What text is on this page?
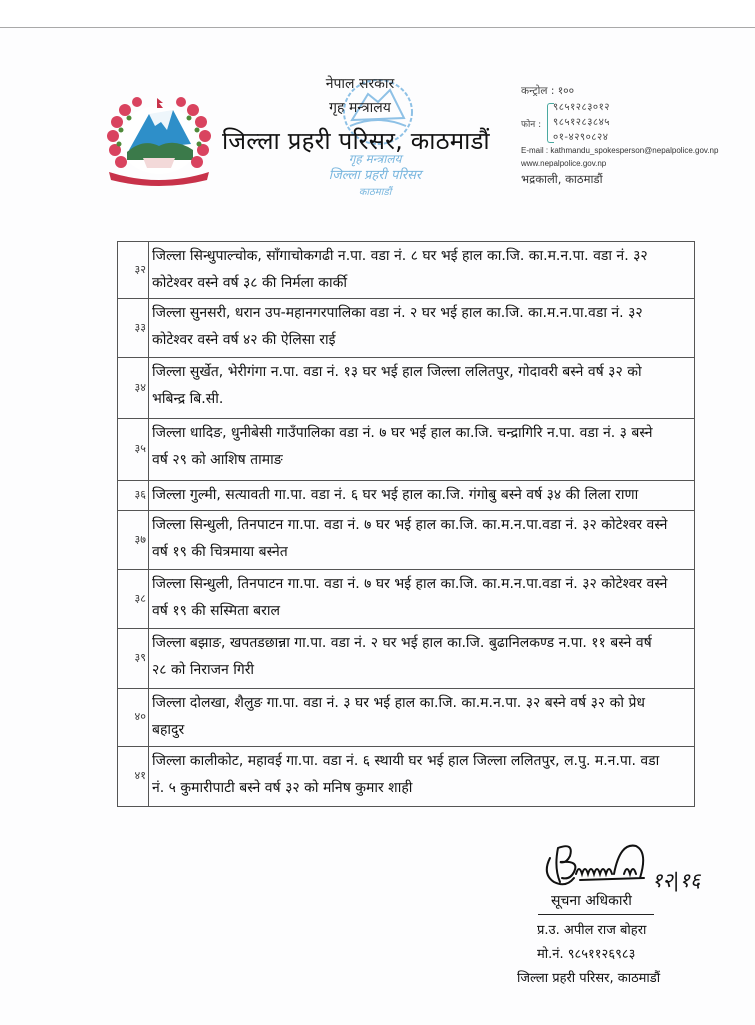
गृह मन्त्रालय
जिल्ला प्रहरी परिसर
काठमाडौं
नेपाल सरकार
गृह मन्त्रालय
जिल्ला प्रहरी परिसर, काठमाडौं
कन्ट्रोल : १००
फोन :
९८५१२८३०१२
९८५१२८३८४५
०१-४२९०८२४
E-mail : kathmandu_spokesperson@nepalpolice.gov.np
www.nepalpolice.gov.np
भद्रकाली, काठमाडौं
३२
जिल्ला सिन्धुपाल्चोक, साँगाचोकगढी न.पा. वडा नं. ८ घर भई हाल का.जि. का.म.न.पा. वडा नं. ३२
कोटेश्वर वस्ने वर्ष ३८ की निर्मला कार्की
३३
जिल्ला सुनसरी, धरान उप-महानगरपालिका वडा नं. २ घर भई हाल का.जि. का.म.न.पा.वडा नं. ३२
कोटेश्वर वस्ने वर्ष ४२ की ऐलिसा राई
३४
जिल्ला सुर्खेत, भेरीगंगा न.पा. वडा नं. १३ घर भई हाल जिल्ला ललितपुर, गोदावरी बस्ने वर्ष ३२ को
भबिन्द्र बि.सी.
३५
जिल्ला धादिङ, धुनीबेसी गाउँपालिका वडा नं. ७ घर भई हाल का.जि. चन्द्रागिरि न.पा. वडा नं. ३ बस्ने
वर्ष २९ को आशिष तामाङ
३६ जिल्ला गुल्मी, सत्यावती गा.पा. वडा नं. ६ घर भई हाल का.जि. गंगोबु बस्ने वर्ष ३४ की लिला राणा
३७
जिल्ला सिन्धुली, तिनपाटन गा.पा. वडा नं. ७ घर भई हाल का.जि. का.म.न.पा.वडा नं. ३२ कोटेश्वर वस्ने
वर्ष १९ की चित्रमाया बस्नेत
३८
जिल्ला सिन्धुली, तिनपाटन गा.पा. वडा नं. ७ घर भई हाल का.जि. का.म.न.पा.वडा नं. ३२ कोटेश्वर वस्ने
वर्ष १९ की सस्मिता बराल
३९
जिल्ला बझाङ, खपतडछान्ना गा.पा. वडा नं. २ घर भई हाल का.जि. बुढानिलकण्ड न.पा. ११ बस्ने वर्ष
२८ को निराजन गिरी
४०
जिल्ला दोलखा, शैलुङ गा.पा. वडा नं. ३ घर भई हाल का.जि. का.म.न.पा. ३२ बस्ने वर्ष ३२ को प्रेध
बहादुर
४१
जिल्ला कालीकोट, महावई गा.पा. वडा नं. ६ स्थायी घर भई हाल जिल्ला ललितपुर, ल.पु. म.न.पा. वडा
नं. ५ कुमारीपाटी बस्ने वर्ष ३२ को मनिष कुमार शाही
१२|१६
सूचना अधिकारी
प्र.उ. अपील राज बोहरा
मो.नं. ९८५११२६९८३
जिल्ला प्रहरी परिसर, काठमाडौं
